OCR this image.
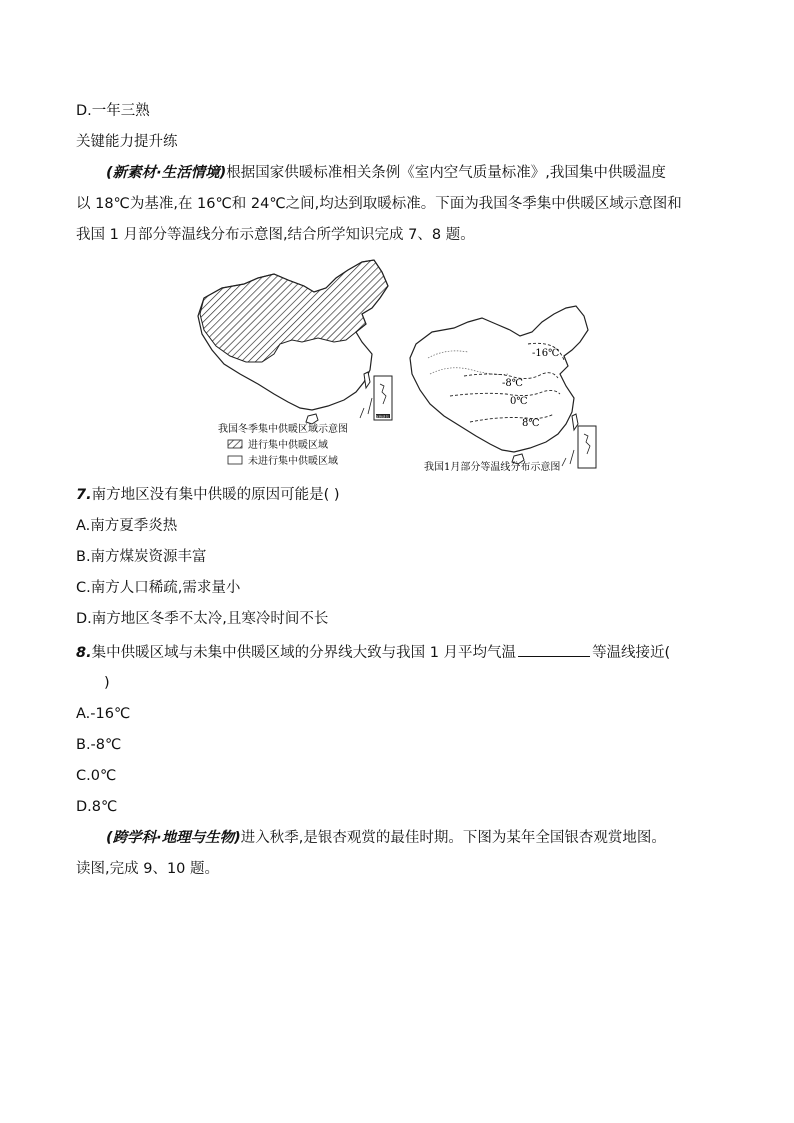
D.一年三熟
关键能力提升练
(新素材·生活情境)根据国家供暖标准相关条例《室内空气质量标准》,我国集中供暖温度
以 18℃为基准,在 16℃和 24℃之间,均达到取暖标准。下面为我国冬季集中供暖区域示意图和
我国 1 月部分等温线分布示意图,结合所学知识完成 7、8 题。
我国冬季集中供暖区域示意图
进行集中供暖区域
未进行集中供暖区域
-16℃
-8℃
0℃
8℃
我国1月部分等温线分布示意图
南海诸岛
7.南方地区没有集中供暖的原因可能是( )
A.南方夏季炎热
B.南方煤炭资源丰富
C.南方人口稀疏,需求量小
D.南方地区冬季不太冷,且寒冷时间不长
8.集中供暖区域与未集中供暖区域的分界线大致与我国 1 月平均气温	等温线接近(
)
A.-16℃
B.-8℃
C.0℃
D.8℃
(跨学科·地理与生物)进入秋季,是银杏观赏的最佳时期。下图为某年全国银杏观赏地图。
读图,完成 9、10 题。
